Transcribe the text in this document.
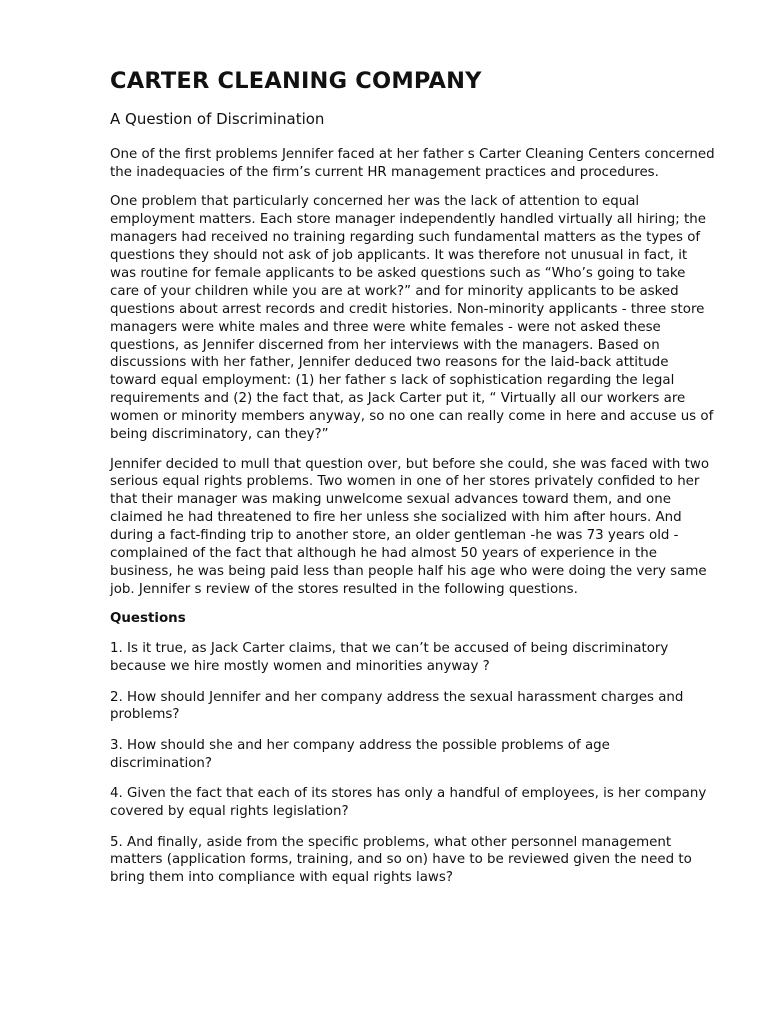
CARTER CLEANING COMPANY
A Question of Discrimination

One of the first problems Jennifer faced at her father s Carter Cleaning Centers concerned the inadequacies of the firm’s current HR management practices and procedures.

One problem that particularly concerned her was the lack of attention to equal employment matters. Each store manager independently handled virtually all hiring; the managers had received no training regarding such fundamental matters as the types of questions they should not ask of job applicants. It was therefore not unusual in fact, it was routine for female applicants to be asked questions such as “Who’s going to take care of your children while you are at work?” and for minority applicants to be asked questions about arrest records and credit histories. Non-minority applicants - three store managers were white males and three were white females - were not asked these questions, as Jennifer discerned from her interviews with the managers. Based on discussions with her father, Jennifer deduced two reasons for the laid-back attitude toward equal employment: (1) her father s lack of sophistication regarding the legal requirements and (2) the fact that, as Jack Carter put it, “ Virtually all our workers are women or minority members anyway, so no one can really come in here and accuse us of being discriminatory, can they?”

Jennifer decided to mull that question over, but before she could, she was faced with two serious equal rights problems. Two women in one of her stores privately confided to her that their manager was making unwelcome sexual advances toward them, and one claimed he had threatened to fire her unless she socialized with him after hours. And during a fact-finding trip to another store, an older gentleman -he was 73 years old - complained of the fact that although he had almost 50 years of experience in the business, he was being paid less than people half his age who were doing the very same job. Jennifer s review of the stores resulted in the following questions.

Questions

1. Is it true, as Jack Carter claims, that we can’t be accused of being discriminatory because we hire mostly women and minorities anyway ?

2. How should Jennifer and her company address the sexual harassment charges and problems?

3. How should she and her company address the possible problems of age discrimination?

4. Given the fact that each of its stores has only a handful of employees, is her company covered by equal rights legislation?

5. And finally, aside from the specific problems, what other personnel management matters (application forms, training, and so on) have to be reviewed given the need to bring them into compliance with equal rights laws?
